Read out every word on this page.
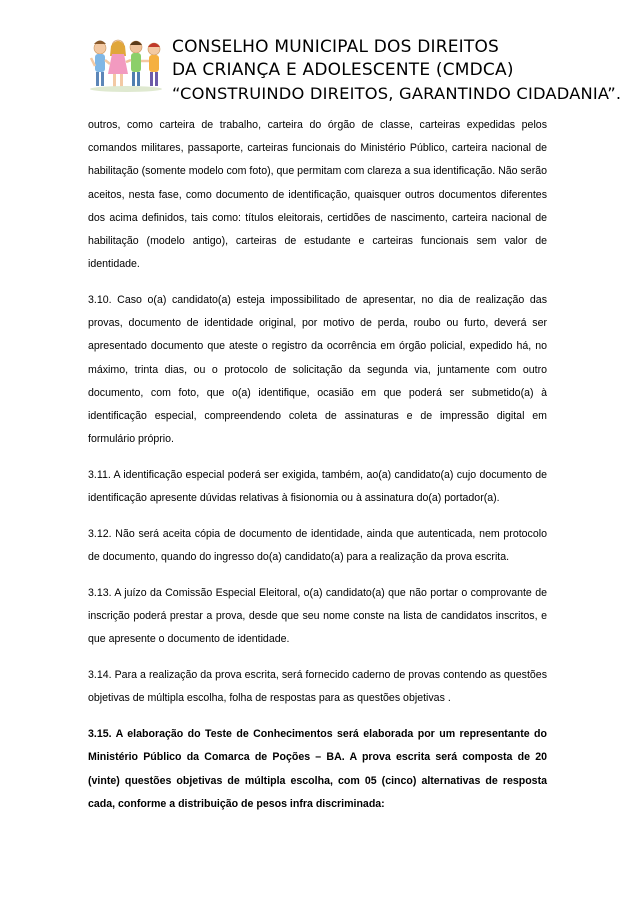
CONSELHO MUNICIPAL DOS DIREITOS
DA CRIANÇA E ADOLESCENTE (CMDCA)
“CONSTRUINDO DIREITOS, GARANTINDO CIDADANIA”.

outros, como carteira de trabalho, carteira do órgão de classe, carteiras expedidas pelos comandos militares, passaporte, carteiras funcionais do Ministério Público, carteira nacional de habilitação (somente modelo com foto), que permitam com clareza a sua identificação. Não serão aceitos, nesta fase, como documento de identificação, quaisquer outros documentos diferentes dos acima definidos, tais como: títulos eleitorais, certidões de nascimento, carteira nacional de habilitação (modelo antigo), carteiras de estudante e carteiras funcionais sem valor de identidade.

3.10. Caso o(a) candidato(a) esteja impossibilitado de apresentar, no dia de realização das provas, documento de identidade original, por motivo de perda, roubo ou furto, deverá ser apresentado documento que ateste o registro da ocorrência em órgão policial, expedido há, no máximo, trinta dias, ou o protocolo de solicitação da segunda via, juntamente com outro documento, com foto, que o(a) identifique, ocasião em que poderá ser submetido(a) à identificação especial, compreendendo coleta de assinaturas e de impressão digital em formulário próprio.

3.11. A identificação especial poderá ser exigida, também, ao(a) candidato(a) cujo documento de identificação apresente dúvidas relativas à fisionomia ou à assinatura do(a) portador(a).

3.12. Não será aceita cópia de documento de identidade, ainda que autenticada, nem protocolo de documento, quando do ingresso do(a) candidato(a) para a realização da prova escrita.

3.13. A juízo da Comissão Especial Eleitoral, o(a) candidato(a) que não portar o comprovante de inscrição poderá prestar a prova, desde que seu nome conste na lista de candidatos inscritos, e que apresente o documento de identidade.

3.14. Para a realização da prova escrita, será fornecido caderno de provas contendo as questões objetivas de múltipla escolha, folha de respostas para as questões objetivas .

3.15. A elaboração do Teste de Conhecimentos será elaborada por um representante do Ministério Público da Comarca de Poções – BA. A prova escrita será composta de 20 (vinte) questões objetivas de múltipla escolha, com 05 (cinco) alternativas de resposta cada, conforme a distribuição de pesos infra discriminada:
